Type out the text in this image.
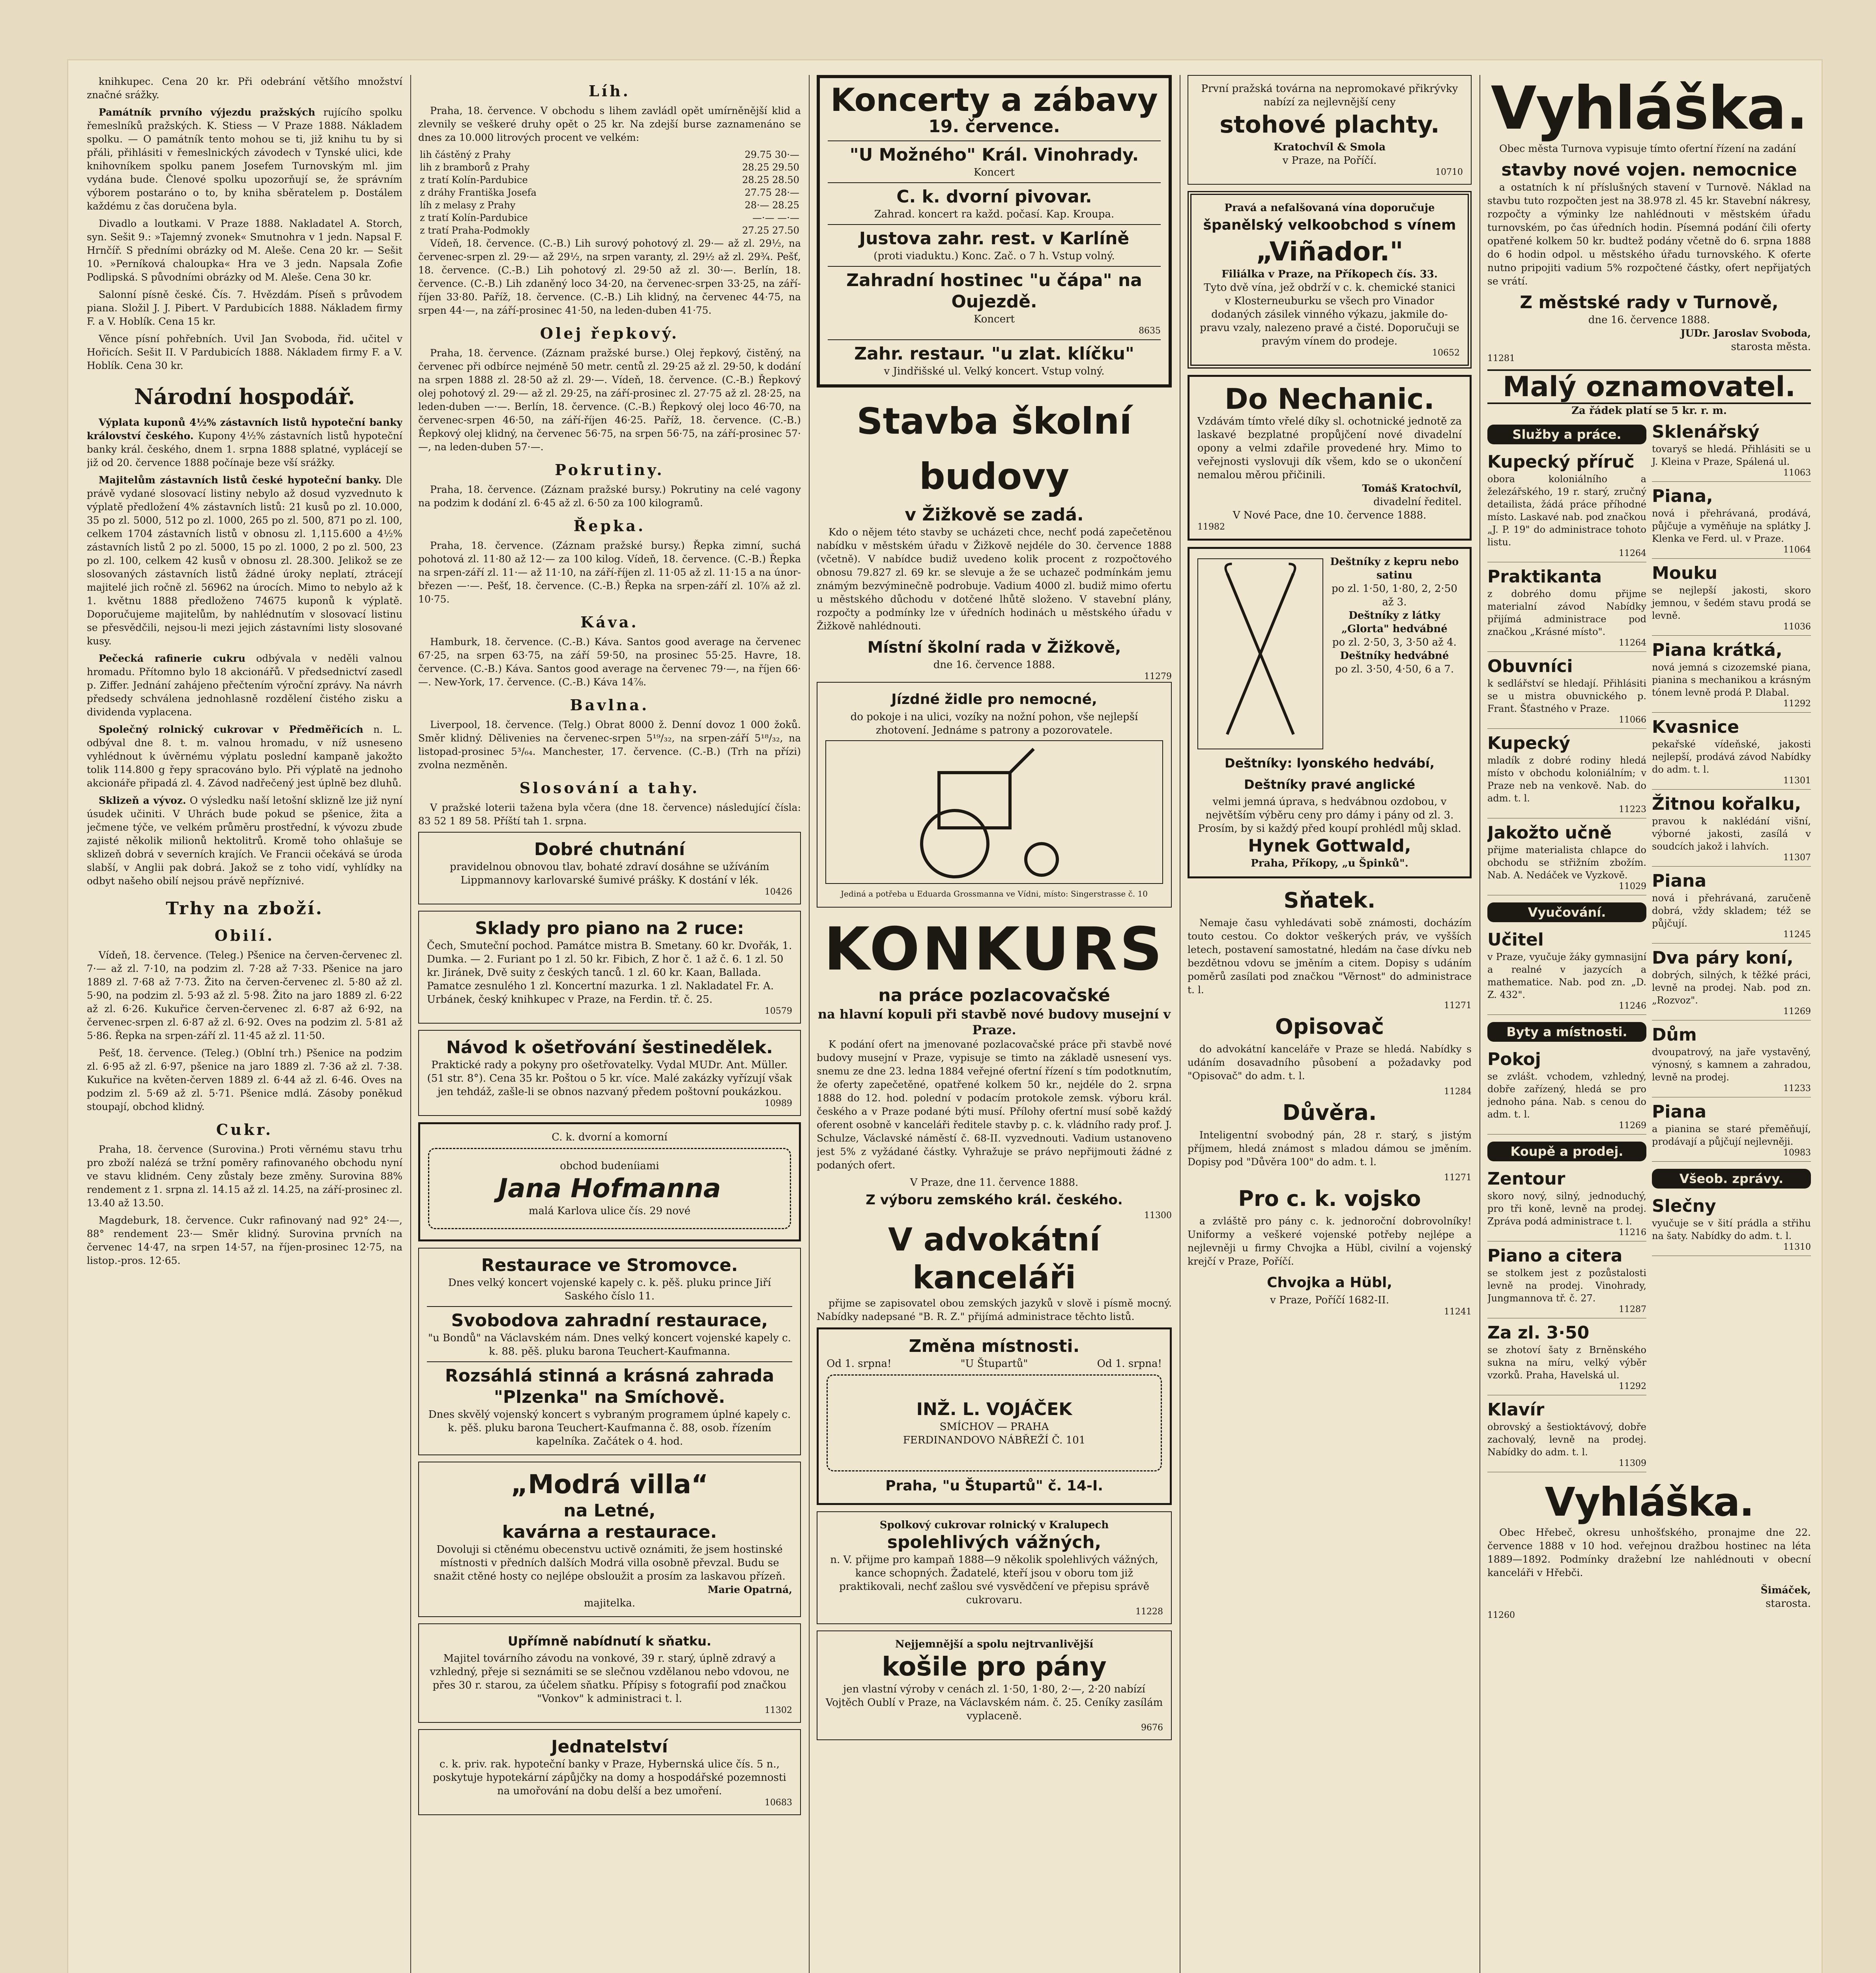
knihkupec. Cena 20 kr. Při odebrání většího množství značné srážky.

Památník prvního výjezdu pražských rujícího spolku řemeslníků pražských. K. Stiess — V Praze 1888. Nákladem spolku. — O památník tento mohou se ti, již knihu tu by si přáli, přihlásiti v řemeslnických závodech v Tynské ulici, kde knihovníkem spolku panem Josefem Turnovským ml. jim vydána bude. Členové spolku upozorňují se, že správním výborem postaráno o to, by kniha sběratelem p. Dostálem každému z čas doručena byla.

Divadlo a loutkami. V Praze 1888. Nakladatel A. Storch, syn. Sešit 9.: »Tajemný zvonek« Smutnohra v 1 jedn. Napsal F. Hrnčíř. S předními obrázky od M. Aleše. Cena 20 kr. — Sešit 10. »Perníková chaloupka« Hra ve 3 jedn. Napsala Zofie Podlipská. S původními obrázky od M. Aleše. Cena 30 kr.

Salonní písně české. Čís. 7. Hvězdám. Píseň s průvodem piana. Složil J. J. Pibert. V Pardubicích 1888. Nákladem firmy F. a V. Hoblík. Cena 15 kr.

Věnce písní pohřebních. Uvil Jan Svoboda, řid. učitel v Hořicích. Sešit II. V Pardubicích 1888. Nákladem firmy F. a V. Hoblík. Cena 30 kr.

Národní hospodář.

Výplata kuponů 4½% zástavních listů hypoteční banky království českého. Kupony 4½% zástavních listů hypoteční banky král. českého, dnem 1. srpna 1888 splatné, vyplácejí se již od 20. července 1888 počínaje beze vší srážky.

Majitelům zástavních listů české hypoteční banky. Dle právě vydané slosovací listiny nebylo až dosud vyzvednuto k výplatě předložení 4% zástavních listů: 21 kusů po zl. 10.000, 35 po zl. 5000, 512 po zl. 1000, 265 po zl. 500, 871 po zl. 100, celkem 1704 zástavních listů v obnosu zl. 1,115.600 a 4½% zástavních listů 2 po zl. 5000, 15 po zl. 1000, 2 po zl. 500, 23 po zl. 100, celkem 42 kusů v obnosu zl. 28.300. Jelikož se ze slosovaných zástavních listů žádné úroky neplatí, ztrácejí majitelé jich ročně zl. 56962 na úrocích. Mimo to nebylo až k 1. květnu 1888 předloženo 74675 kuponů k výplatě. Doporučujeme majitelům, by nahlédnutím v slosovací listinu se přesvědčili, nejsou-li mezi jejich zástavními listy slosované kusy.

Pečecká rafinerie cukru odbývala v neděli valnou hromadu. Přítomno bylo 18 akcionářů. V předsednictví zasedl p. Ziffer. Jednání zahájeno přečtením výroční zprávy. Na návrh předsedy schválena jednohlasně rozdělení čistého zisku a dividenda vyplacena.

Společný rolnický cukrovar v Předměřicích n. L. odbýval dne 8. t. m. valnou hromadu, v níž usneseno vyhlédnout k úvěrnému výplatu poslední kampaně jakožto tolik 114.800 g řepy spracováno bylo. Při výplatě na jednoho akcionáře připadá zl. 4. Závod nadřečený jest úplně bez dluhů.

Sklizeň a vývoz. O výsledku naší letošní sklizně lze již nyní úsudek učiniti. V Uhrách bude pokud se pšenice, žita a ječmene týče, ve velkém průměru prostřední, k vývozu zbude zajisté několik milionů hektolitrů. Kromě toho ohlašuje se sklizeň dobrá v severních krajích. Ve Francii očekává se úroda slabší, v Anglii pak dobrá. Jakož se z toho vidí, vyhlídky na odbyt našeho obilí nejsou právě nepříznivé.

Trhy na zboží.
Obilí.

Vídeň, 18. července. (Teleg.) Pšenice na červen-červenec zl. 7·— až zl. 7·10, na podzim zl. 7·28 až 7·33. Pšenice na jaro 1889 zl. 7·68 až 7·73. Žito na červen-červenec zl. 5·80 až zl. 5·90, na podzim zl. 5·93 až zl. 5·98. Žito na jaro 1889 zl. 6·22 až zl. 6·26. Kukuřice červen-červenec zl. 6·87 až 6·92, na červenec-srpen zl. 6·87 až zl. 6·92. Oves na podzim zl. 5·81 až 5·86. Řepka na srpen-září zl. 11·45 až zl. 11·50.

Pešť, 18. července. (Teleg.) (Oblní trh.) Pšenice na podzim zl. 6·95 až zl. 6·97, pšenice na jaro 1889 zl. 7·36 až zl. 7·38. Kukuřice na květen-červen 1889 zl. 6·44 až zl. 6·46. Oves na podzim zl. 5·69 až zl. 5·71. Pšenice mdlá. Zásoby poněkud stoupají, obchod klidný.

Cukr.

Praha, 18. července (Surovina.) Proti věrnému stavu trhu pro zboží nalézá se tržní poměry rafinovaného obchodu nyní ve stavu klidném. Ceny zůstaly beze změny. Surovina 88% rendement z 1. srpna zl. 14.15 až zl. 14.25, na září-prosinec zl. 13.40 až 13.50.

Magdeburk, 18. července. Cukr rafinovaný nad 92° 24·—, 88° rendement 23·— Směr klidný. Surovina prvních na červenec 14·47, na srpen 14·57, na říjen-prosinec 12·75, na listop.-pros. 12·65.

Líh.

Praha, 18. července. V obchodu s lihem zavládl opět umírněnější klid a zlevnily se veškeré druhy opět o 25 kr. Na zdejší burse zaznamenáno se dnes za 10.000 litrových procent ve velkém:

lih částěný z Prahy	29.75 30·—
lih z bramborů z Prahy	28.25 29.50
z tratí Kolín-Pardubice	28.25 28.50
z dráhy Františka Josefa	27.75 28·—
líh z melasy z Prahy	28·— 28.25
z tratí Kolín-Pardubice	—·— —·—
z tratí Praha-Podmokly	27.25 27.50

Vídeň, 18. července. (C.-B.) Lih surový pohotový zl. 29·— až zl. 29½, na červenec-srpen zl. 29·— až 29½, na srpen varanty, zl. 29½ až zl. 29¾. Pešť, 18. července. (C.-B.) Lih pohotový zl. 29·50 až zl. 30·—. Berlín, 18. července. (C.-B.) Lih zdaněný loco 34·20, na červenec-srpen 33·25, na září-říjen 33·80. Paříž, 18. července. (C.-B.) Lih klidný, na červenec 44·75, na srpen 44·—, na září-prosinec 41·50, na leden-duben 41·75.

Olej řepkový.

Praha, 18. července. (Záznam pražské burse.) Olej řepkový, čistěný, na červenec při odbírce nejméně 50 metr. centů zl. 29·25 až zl. 29·50, k dodání na srpen 1888 zl. 28·50 až zl. 29·—. Vídeň, 18. července. (C.-B.) Řepkový olej pohotový zl. 29·— až zl. 29·25, na září-prosinec zl. 27·75 až zl. 28·25, na leden-duben —·—. Berlín, 18. července. (C.-B.) Řepkový olej loco 46·70, na červenec-srpen 46·50, na září-říjen 46·25. Paříž, 18. července. (C.-B.) Řepkový olej klidný, na červenec 56·75, na srpen 56·75, na září-prosinec 57·—, na leden-duben 57·—.

Pokrutiny.

Praha, 18. července. (Záznam pražské bursy.) Pokrutiny na celé vagony na podzim k dodání zl. 6·45 až zl. 6·50 za 100 kilogramů.

Řepka.

Praha, 18. července. (Záznam pražské bursy.) Řepka zimní, suchá pohotová zl. 11·80 až 12·— za 100 kilog. Vídeň, 18. července. (C.-B.) Řepka na srpen-září zl. 11·— až 11·10, na září-říjen zl. 11·05 až zl. 11·15 a na únor-březen —·—. Pešť, 18. července. (C.-B.) Řepka na srpen-září zl. 10⅞ až zl. 10·75.

Káva.

Hamburk, 18. července. (C.-B.) Káva. Santos good average na červenec 67·25, na srpen 63·75, na září 59·50, na prosinec 55·25. Havre, 18. července. (C.-B.) Káva. Santos good average na červenec 79·—, na říjen 66·—. New-York, 17. července. (C.-B.) Káva 14⅞.

Bavlna.

Liverpool, 18. července. (Telg.) Obrat 8000 ž. Denní dovoz 1 000 žoků. Směr klidný. Dělivenies na červenec-srpen 5¹⁹/₃₂, na srpen-září 5¹⁸/₃₂, na listopad-prosinec 5³/₆₄. Manchester, 17. července. (C.-B.) (Trh na přízi) zvolna nezměněn.

Slosování a tahy.

V pražské loterii tažena byla včera (dne 18. července) následující čísla: 83 52 1 89 58. Příští tah 1. srpna.

Dobré chutnání
pravidelnou obnovou tlav, bohaté zdraví dosáhne se užíváním Lippmannovy karlovarské šumivé prášky. K dostání v lék.
10426
Sklady pro piano na 2 ruce:
Čech, Smuteční pochod. Památce mistra B. Smetany. 60 kr. Dvořák, 1. Dumka. — 2. Furiant po 1 zl. 50 kr. Fibich, Z hor č. 1 až č. 6. 1 zl. 50 kr. Jiránek, Dvě suity z českých tanců. 1 zl. 60 kr. Kaan, Ballada. Pamatce zesnulého 1 zl. Koncertní mazurka. 1 zl. Nakladatel Fr. A. Urbánek, český knihkupec v Praze, na Ferdin. tř. č. 25.
10579
Návod k ošetřování šestinedělek.
Praktické rady a pokyny pro ošetřovatelky. Vydal MUDr. Ant. Müller. (51 str. 8°). Cena 35 kr. Poštou o 5 kr. více. Malé zakázky vyřízují však jen tehdáž, zašle-li se obnos nazvaný předem poštovní poukázkou.
10989
C. k. dvorní a komorní
obchod budeníiami
Jana Hofmanna
malá Karlova ulice čís. 29 nové
Restaurace ve Stromovce.
Dnes velký koncert vojenské kapely c. k. pěš. pluku prince Jiří Saského číslo 11.
Svobodova zahradní restaurace,
"u Bondů" na Václavském nám. Dnes velký koncert vojenské kapely c. k. 88. pěš. pluku barona Teuchert-Kaufmanna.
Rozsáhlá stinná a krásná zahrada "Plzenka" na Smíchově.
Dnes skvělý vojenský koncert s vybraným programem úplné kapely c. k. pěš. pluku barona Teuchert-Kaufmanna č. 88, osob. řízením kapelníka. Začátek o 4. hod.
„Modrá villa“
na Letné,
kavárna a restaurace.
Dovoluji si ctěnému obecenstvu uctivě oznámiti, že jsem hostinské místnosti v předních dalších Modrá villa osobně převzal. Budu se snažit ctěné hosty co nejlépe obsloužit a prosím za laskavou přízeň.
Marie Opatrná,
majitelka.
Upřímně nabídnutí k sňatku.
Majitel továrního závodu na vonkové, 39 r. starý, úplně zdravý a vzhledný, přeje si seznámiti se se slečnou vzdělanou nebo vdovou, ne přes 30 r. starou, za účelem sňatku. Přípisy s fotografií pod značkou "Vonkov" k administraci t. l.
11302
Jednatelství
c. k. priv. rak. hypoteční banky v Praze, Hybernská ulice čís. 5 n., poskytuje hypotekární zápůjčky na domy a hospodářské pozemnosti na umořování na dobu delší a bez umoření.
10683
Koncerty a zábavy
19. července.
"U Možného" Král. Vinohrady.
Koncert
C. k. dvorní pivovar.
Zahrad. koncert ra každ. počasí. Kap. Kroupa.
Justova zahr. rest. v Karlíně
(proti viaduktu.) Konc. Zač. o 7 h. Vstup volný.
Zahradní hostinec "u čápa" na Oujezdě.
Koncert
8635
Zahr. restaur. "u zlat. klíčku"
v Jindřišské ul. Velký koncert. Vstup volný.
Stavba školní budovy
v Žižkově se zadá.

Kdo o nějem této stavby se ucházeti chce, nechť podá zapečetěnou nabídku v městském úřadu v Žižkově nejdéle do 30. července 1888 (včetně). V nabídce budiž uvedeno kolik procent z rozpočtového obnosu 79.827 zl. 69 kr. se slevuje a že se uchazeč podmínkám jemu známým bezvýminečně podrobuje. Vadium 4000 zl. budiž mimo ofertu u městského důchodu v dotčené lhůtě složeno. V stavební plány, rozpočty a podmínky lze v úředních hodinách u městského úřadu v Žižkově nahlédnouti.

Místní školní rada v Žižkově,
dne 16. července 1888.
11279
Jízdné židle pro nemocné,
do pokoje i na ulici, vozíky na nožní pohon, vše nejlepší zhotovení. Jednáme s patrony a pozorovatele.
Jediná a potřeba u Eduarda Grossmanna ve Vídni, místo: Singerstrasse č. 10
KONKURS
na práce pozlacovačské
na hlavní kopuli při stavbě nové budovy musejní v Praze.

K podání ofert na jmenované pozlacovačské práce při stavbě nové budovy musejní v Praze, vypisuje se timto na základě usnesení vys. snemu ze dne 23. ledna 1884 veřejné ofertní řízení s tím podotknutím, že oferty zapečetěné, opatřené kolkem 50 kr., nejdéle do 2. srpna 1888 do 12. hod. polední v podacím protokole zemsk. výboru král. českého a v Praze podané býti musí. Přílohy ofertní musí sobě každý oferent osobně v kanceláři ředitele stavby p. c. k. vládního rady prof. J. Schulze, Václavské náměstí č. 68-II. vyzvednouti. Vadium ustanoveno jest 5% z vyžádané částky. Vyhražuje se právo nepřijmouti žádné z podaných ofert.

V Praze, dne 11. července 1888.
Z výboru zemského král. českého.
11300
V advokátní kanceláři

přijme se zapisovatel obou zemských jazyků v slově i písmě mocný. Nabídky nadepsané "B. R. Z." přijímá administrace těchto listů.

Změna místnosti.
Od 1. srpna!	"U Štupartů"	Od 1. srpna!
INŽ. L. VOJÁČEK
SMÍCHOV — PRAHA
FERDINANDOVO NÁBŘEŽÍ Č. 101
Praha, "u Štupartů" č. 14-I.
Spolkový cukrovar rolnický v Kralupech
spolehlivých vážných,
n. V. přijme pro kampaň 1888—9 několik spolehlivých vážných, kance schopných. Žadatelé, kteří jsou v oboru tom již praktikovali, nechť zašlou své vysvědčení ve přepisu správě cukrovaru.
11228
Nejjemnější a spolu nejtrvanlivější
košile pro pány
jen vlastní výroby v cenách zl. 1·50, 1·80, 2·—, 2·20 nabízí Vojtěch Oublí v Praze, na Václavském nám. č. 25. Ceníky zasílám vyplaceně.
9676
První pražská továrna na nepromokavé přikrývky nabízí za nejlevnější ceny
stohové plachty.
Kratochvíl & Smola
v Praze, na Poříčí.
10710
Pravá a nefalšovaná vína doporučuje
španělský velkoobchod s vínem
„Viñador."
Filiálka v Praze, na Příkopech čís. 33.
Tyto dvě vína, jež obdrží v c. k. chemické stanici v Klosterneuburku se všech pro Vinador dodaných zásilek vinného výkazu, jakmile do-pravu vzaly, nalezeno pravé a čisté. Doporučuji se pravým vínem do prodeje.
10652
Do Nechanic.
Vzdávám tímto vřelé díky sl. ochotnické jednotě za laskavé bezplatné propůjčení nové divadelní opony a velmi zdařile provedené hry. Mimo to veřejnosti vyslovuji dík všem, kdo se o ukončení nemalou měrou přičinili.
Tomáš Kratochvíl,
divadelní ředitel.
V Nové Pace, dne 10. července 1888.
11982
Deštníky z kepru nebo satinu
po zl. 1·50, 1·80, 2, 2·50 až 3.
Deštníky z látky „Glorta" hedvábné
po zl. 2·50, 3, 3·50 až 4.
Deštníky hedvábné
po zl. 3·50, 4·50, 6 a 7.
Deštníky: lyonského hedvábí,
Deštníky pravé anglické
velmi jemná úprava, s hedvábnou ozdobou, v největším výběru ceny pro dámy i pány od zl. 3. Prosím, by si každý před koupí prohlédl můj sklad.
Hynek Gottwald,
Praha, Příkopy, „u Špinků".
Sňatek.

Nemaje času vyhledávati sobě známosti, docházím touto cestou. Co doktor veškerých práv, ve vyšších letech, postavení samostatné, hledám na čase dívku neb bezdětnou vdovu se jměním a citem. Dopisy s udáním poměrů zasílati pod značkou "Věrnost" do administrace t. l.

11271
Opisovač

do advokátní kanceláře v Praze se hledá. Nabídky s udáním dosavadního působení a požadavky pod "Opisovač" do adm. t. l.

11284
Důvěra.

Inteligentní svobodný pán, 28 r. starý, s jistým příjmem, hledá známost s mladou dámou se jměním. Dopisy pod "Důvěra 100" do adm. t. l.

11271
Pro c. k. vojsko

a zvláště pro pány c. k. jednoroční dobrovolníky! Uniformy a veškeré vojenské potřeby nejlépe a nejlevněji u firmy Chvojka a Hübl, civilní a vojenský krejčí v Praze, Poříčí.

Chvojka a Hübl,
v Praze, Poříčí 1682-II.
11241
Vyhláška.

Obec města Turnova vypisuje tímto ofertní řízení na zadání

stavby nové vojen. nemocnice

a ostatních k ní příslušných stavení v Turnově. Náklad na stavbu tuto rozpočten jest na 38.978 zl. 45 kr. Stavební nákresy, rozpočty a výminky lze nahlédnouti v městském úřadu turnovském, po čas úředních hodin. Písemná podání čili oferty opatřené kolkem 50 kr. budtež podány včetně do 6. srpna 1888 do 6 hodin odpol. u městského úřadu turnovského. K oferte nutno pripojiti vadium 5% rozpočtené částky, ofert nepřijatých se vrátí.

Z městské rady v Turnově,
dne 16. července 1888.
JUDr. Jaroslav Svoboda,
starosta města.
11281
Malý oznamovatel.
Za řádek platí se 5 kr. r. m.
Služby a práce.
Kupecký příruč
obora koloniálního a železářského, 19 r. starý, zručný detailista, žádá práce příhodné místo. Laskavé nab. pod značkou „J. P. 19" do administrace tohoto listu.
11264
Praktikanta
z dobrého domu přijme materialní závod Nabídky přijímá administrace pod značkou „Krásné místo".
11264
Obuvníci
k sedlářství se hledají. Přihlásiti se u mistra obuvnického p. Frant. Šťastného v Praze.
11066
Kupecký
mladík z dobré rodiny hledá místo v obchodu koloniálním; v Praze neb na venkově. Nab. do adm. t. l.
11223
Jakožto učně
přijme materialista chlapce do obchodu se střižním zbožím. Nab. A. Nedáček ve Vyzkově.
11029
Vyučování.
Učitel
v Praze, vyučuje žáky gymnasijní a realné v jazycích a mathematice. Nab. pod zn. „D. Z. 432".
11246
Byty a místnosti.
Pokoj
se zvlášt. vchodem, vzhledný, dobře zařízený, hledá se pro jednoho pána. Nab. s cenou do adm. t. l.
11269
Koupě a prodej.
Zentour
skoro nový, silný, jednoduchý, pro tři koně, levně na prodej. Zpráva podá administrace t. l.
11216
Piano a citera
se stolkem jest z pozůstalosti levně na prodej. Vinohrady, Jungmannova tř. č. 27.
11287
Za zl. 3·50
se zhotoví šaty z Brněnského sukna na míru, velký výběr vzorků. Praha, Havelská ul.
11292
Klavír
obrovský a šestioktávový, dobře zachovalý, levně na prodej. Nabídky do adm. t. l.
11309
Sklenářský
tovaryš se hledá. Přihlásiti se u J. Kleina v Praze, Spálená ul.
11063
Piana,
nová i přehrávaná, prodává, půjčuje a vyměňuje na splátky J. Klenka ve Ferd. ul. v Praze.
11064
Mouku
se nejlepší jakosti, skoro jemnou, v šedém stavu prodá se levně.
11036
Piana krátká,
nová jemná s cizozemské piana, pianina s mechanikou a krásným tónem levně prodá P. Dlabal.
11292
Kvasnice
pekařské vídeňské, jakosti nejlepší, prodává závod Nabídky do adm. t. l.
11301
Žitnou kořalku,
pravou k naklédání višní, výborné jakosti, zasílá v soudcích jakož i lahvích.
11307
Piana
nová i přehrávaná, zaručeně dobrá, vždy skladem; též se půjčují.
11245
Dva páry koní,
dobrých, silných, k těžké práci, levně na prodej. Nab. pod zn. „Rozvoz".
11269
Dům
dvoupatrový, na jaře vystavěný, výnosný, s kamnem a zahradou, levně na prodej.
11233
Piana
a pianina se staré přeměňují, prodávají a půjčují nejlevněji.
10983
Všeob. zprávy.
Slečny
vyučuje se v šití prádla a střihu na šaty. Nabídky do adm. t. l.
11310
Vyhláška.

Obec Hřebeč, okresu unhošťského, pronajme dne 22. července 1888 v 10 hod. veřejnou dražbou hostinec na léta 1889—1892. Podmínky dražební lze nahlédnouti v obecní kanceláři v Hřebči.

Šimáček,
starosta.
11260
